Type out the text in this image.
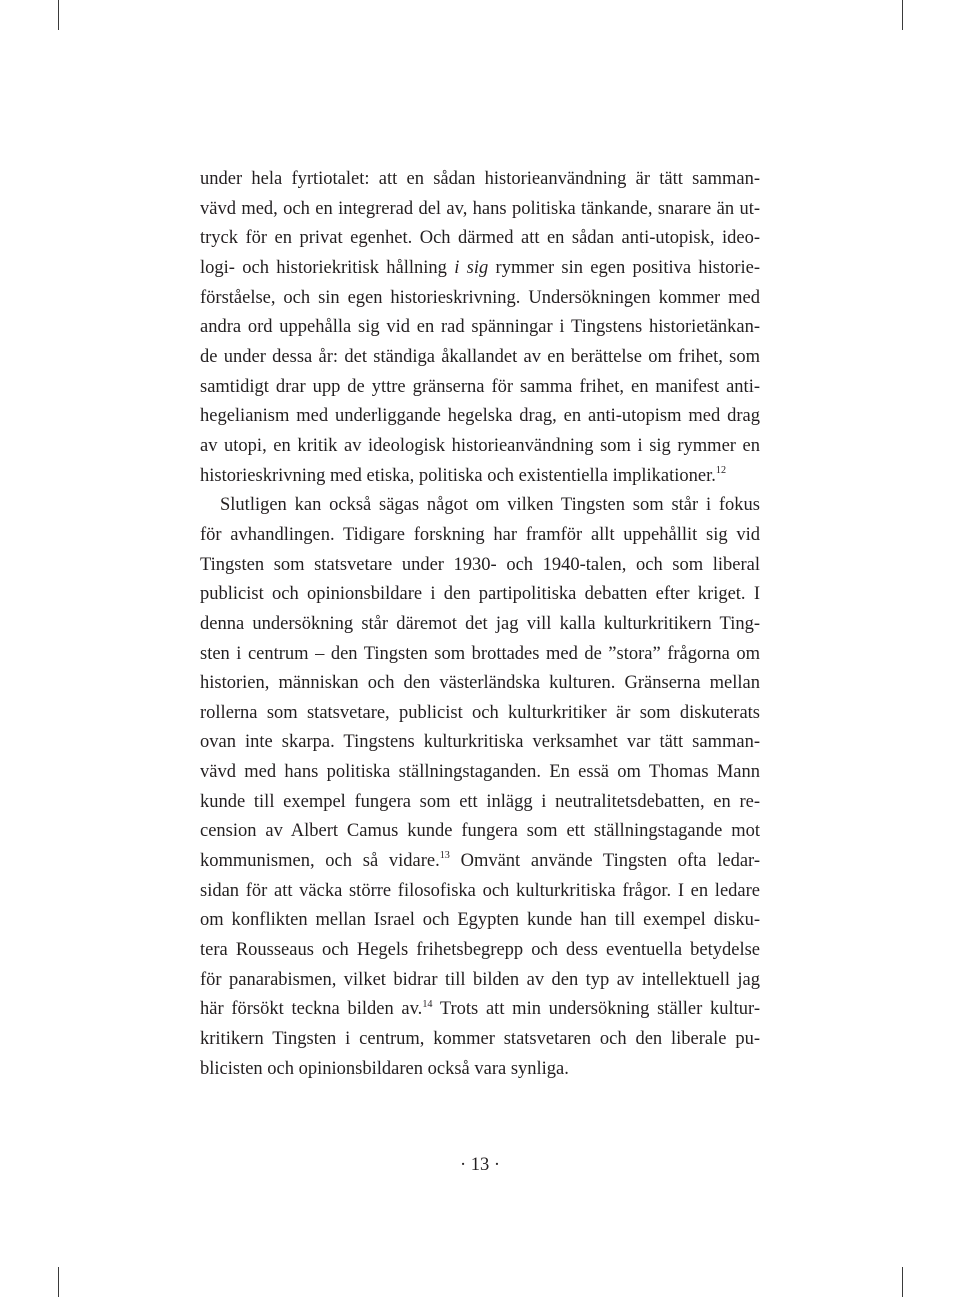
under hela fyrtiotalet: att en sådan historieanvändning är tätt samman-
vävd med, och en integrerad del av, hans politiska tänkande, snarare än ut-
tryck för en privat egenhet. Och därmed att en sådan anti-utopisk, ideo-
logi- och historiekritisk hållning i sig rymmer sin egen positiva historie-
förståelse, och sin egen historieskrivning. Undersökningen kommer med
andra ord uppehålla sig vid en rad spänningar i Tingstens historietänkan-
de under dessa år: det ständiga åkallandet av en berättelse om frihet, som
samtidigt drar upp de yttre gränserna för samma frihet, en manifest anti-
hegelianism med underliggande hegelska drag, en anti-utopism med drag
av utopi, en kritik av ideologisk historieanvändning som i sig rymmer en
historieskrivning med etiska, politiska och existentiella implikationer.$^{12}$
Slutligen kan också sägas något om vilken Tingsten som står i fokus
för avhandlingen. Tidigare forskning har framför allt uppehållit sig vid
Tingsten som statsvetare under 1930- och 1940-talen, och som liberal
publicist och opinionsbildare i den partipolitiska debatten efter kriget. I
denna undersökning står däremot det jag vill kalla kulturkritikern Ting-
sten i centrum – den Tingsten som brottades med de ”stora” frågorna om
historien, människan och den västerländska kulturen. Gränserna mellan
rollerna som statsvetare, publicist och kulturkritiker är som diskuterats
ovan inte skarpa. Tingstens kulturkritiska verksamhet var tätt samman-
vävd med hans politiska ställningstaganden. En essä om Thomas Mann
kunde till exempel fungera som ett inlägg i neutralitetsdebatten, en re-
cension av Albert Camus kunde fungera som ett ställningstagande mot
kommunismen, och så vidare.$^{13}$ Omvänt använde Tingsten ofta ledar-
sidan för att väcka större filosofiska och kulturkritiska frågor. I en ledare
om konflikten mellan Israel och Egypten kunde han till exempel disku-
tera Rousseaus och Hegels frihetsbegrepp och dess eventuella betydelse
för panarabismen, vilket bidrar till bilden av den typ av intellektuell jag
här försökt teckna bilden av.$^{14}$ Trots att min undersökning ställer kultur-
kritikern Tingsten i centrum, kommer statsvetaren och den liberale pu-
blicisten och opinionsbildaren också vara synliga.
· 13 ·
